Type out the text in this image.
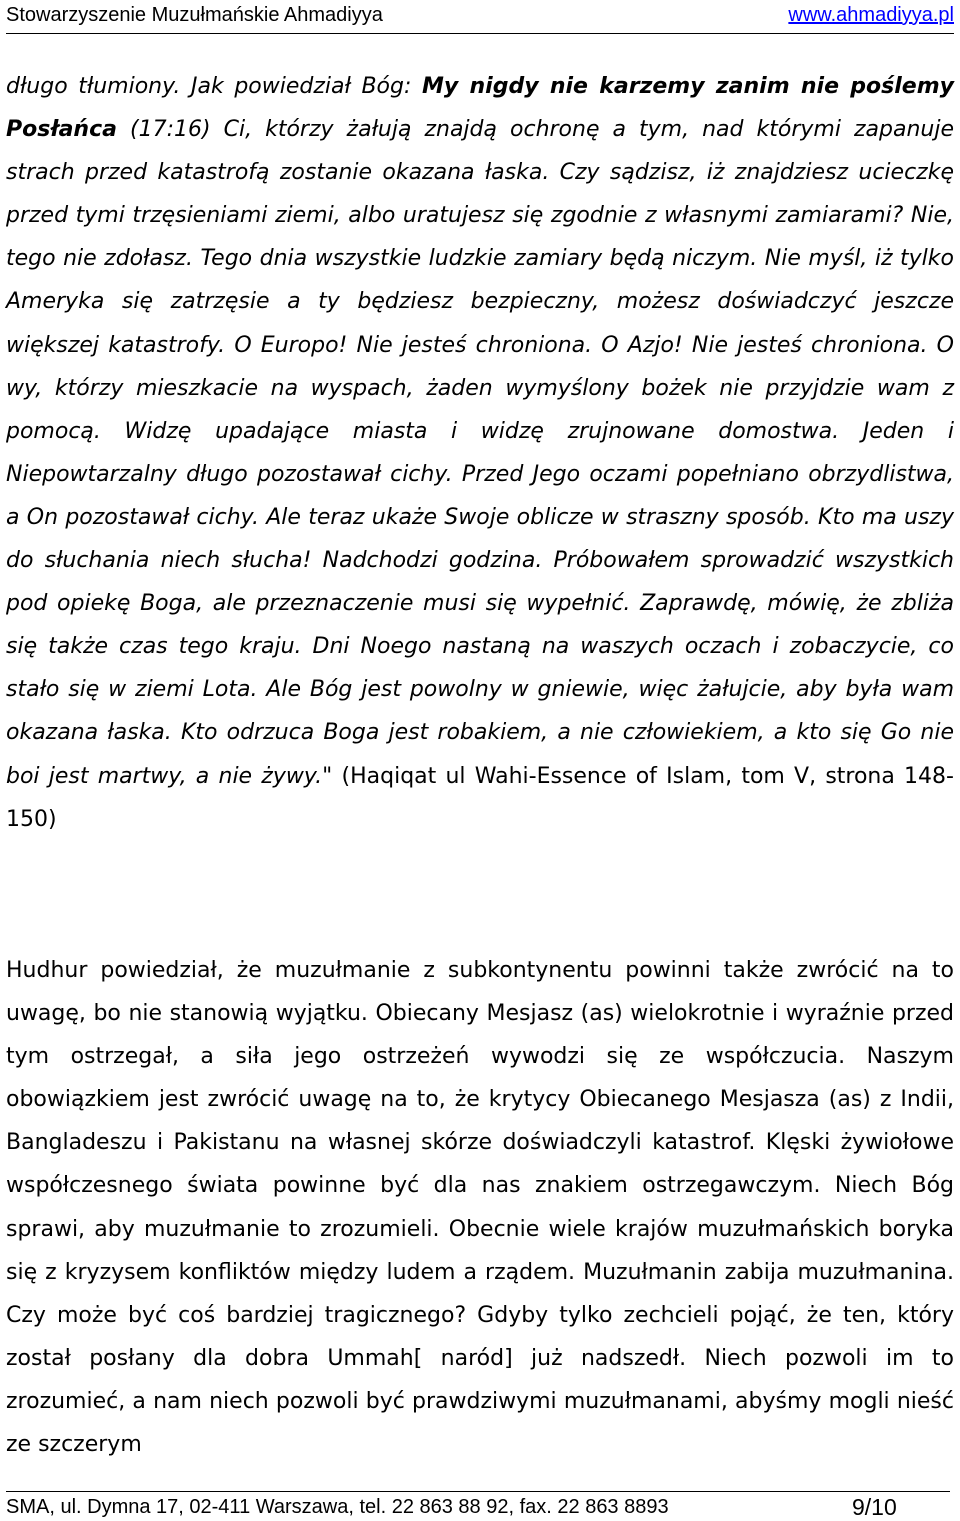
Stowarzyszenie Muzułmańskie Ahmadiyya	www.ahmadiyya.pl

długo tłumiony. Jak powiedział Bóg: My nigdy nie karzemy zanim nie poślemy Posłańca (17:16) Ci, którzy żałują znajdą ochronę a tym, nad którymi zapanuje strach przed katastrofą zostanie okazana łaska. Czy sądzisz, iż znajdziesz ucieczkę przed tymi trzęsieniami ziemi, albo uratujesz się zgodnie z własnymi zamiarami? Nie, tego nie zdołasz. Tego dnia wszystkie ludzkie zamiary będą niczym. Nie myśl, iż tylko Ameryka się zatrzęsie a ty będziesz bezpieczny, możesz doświadczyć jeszcze większej katastrofy. O Europo! Nie jesteś chroniona. O Azjo! Nie jesteś chroniona. O wy, którzy mieszkacie na wyspach, żaden wymyślony bożek nie przyjdzie wam z pomocą. Widzę upadające miasta i widzę zrujnowane domostwa. Jeden i Niepowtarzalny długo pozostawał cichy. Przed Jego oczami popełniano obrzydlistwa, a On pozostawał cichy. Ale teraz ukaże Swoje oblicze w straszny sposób. Kto ma uszy do słuchania niech słucha! Nadchodzi godzina. Próbowałem sprowadzić wszystkich pod opiekę Boga, ale przeznaczenie musi się wypełnić. Zaprawdę, mówię, że zbliża się także czas tego kraju. Dni Noego nastaną na waszych oczach i zobaczycie, co stało się w ziemi Lota. Ale Bóg jest powolny w gniewie, więc żałujcie, aby była wam okazana łaska. Kto odrzuca Boga jest robakiem, a nie człowiekiem, a kto się Go nie boi jest martwy, a nie żywy." (Haqiqat ul Wahi-Essence of Islam, tom V, strona 148-150)

Hudhur powiedział, że muzułmanie z subkontynentu powinni także zwrócić na to uwagę, bo nie stanowią wyjątku. Obiecany Mesjasz (as) wielokrotnie i wyraźnie przed tym ostrzegał, a siła jego ostrzeżeń wywodzi się ze współczucia. Naszym obowiązkiem jest zwrócić uwagę na to, że krytycy Obiecanego Mesjasza (as) z Indii, Bangladeszu i Pakistanu na własnej skórze doświadczyli katastrof. Klęski żywiołowe współczesnego świata powinne być dla nas znakiem ostrzegawczym. Niech Bóg sprawi, aby muzułmanie to zrozumieli. Obecnie wiele krajów muzułmańskich boryka się z kryzysem konfliktów między ludem a rządem. Muzułmanin zabija muzułmanina. Czy może być coś bardziej tragicznego? Gdyby tylko zechcieli pojąć, że ten, który został posłany dla dobra Ummah[ naród] już nadszedł. Niech pozwoli im to zrozumieć, a nam niech pozwoli być prawdziwymi muzułmanami, abyśmy mogli nieść ze szczerym

SMA, ul. Dymna 17, 02-411 Warszawa, tel. 22 863 88 92, fax. 22 863 8893	9/10
